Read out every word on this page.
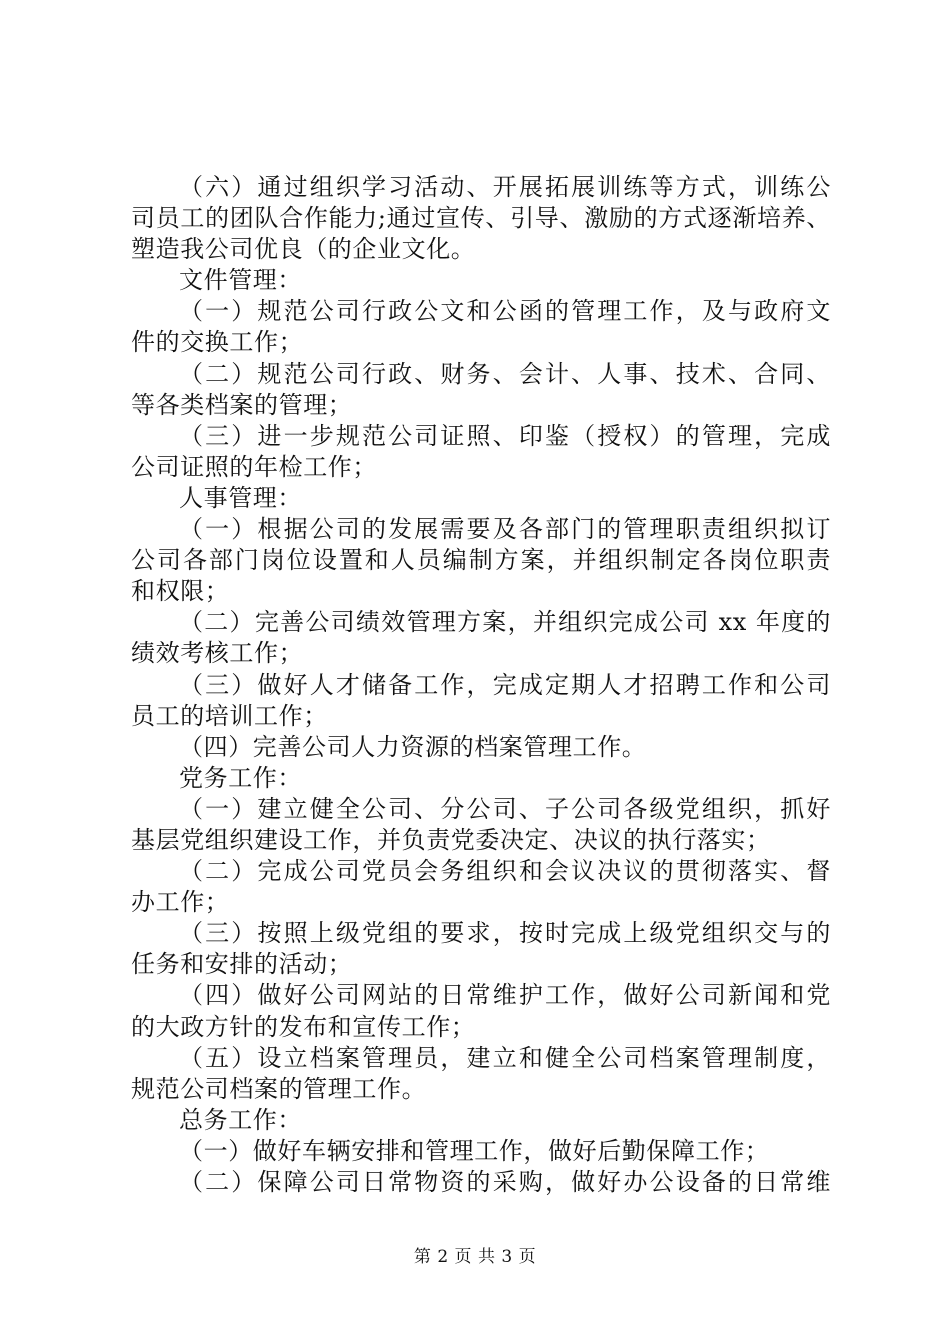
（六）通过组织学习活动、开展拓展训练等方式，训练公
司员工的团队合作能力;通过宣传、引导、激励的方式逐渐培养、
塑造我公司优良（的企业文化。
文件管理：
（一）规范公司行政公文和公函的管理工作，及与政府文
件的交换工作；
（二）规范公司行政、财务、会计、人事、技术、合同、
等各类档案的管理；
（三）进一步规范公司证照、印鉴（授权）的管理，完成
公司证照的年检工作；
人事管理：
（一）根据公司的发展需要及各部门的管理职责组织拟订
公司各部门岗位设置和人员编制方案，并组织制定各岗位职责
和权限；
（二）完善公司绩效管理方案，并组织完成公司 xx 年度的
绩效考核工作；
（三）做好人才储备工作，完成定期人才招聘工作和公司
员工的培训工作；
（四）完善公司人力资源的档案管理工作。
党务工作：
（一）建立健全公司、分公司、子公司各级党组织，抓好
基层党组织建设工作，并负责党委决定、决议的执行落实；
（二）完成公司党员会务组织和会议决议的贯彻落实、督
办工作；
（三）按照上级党组的要求，按时完成上级党组织交与的
任务和安排的活动；
（四）做好公司网站的日常维护工作，做好公司新闻和党
的大政方针的发布和宣传工作；
（五）设立档案管理员，建立和健全公司档案管理制度，
规范公司档案的管理工作。
总务工作：
（一）做好车辆安排和管理工作，做好后勤保障工作；
（二）保障公司日常物资的采购，做好办公设备的日常维
第 2 页 共 3 页
